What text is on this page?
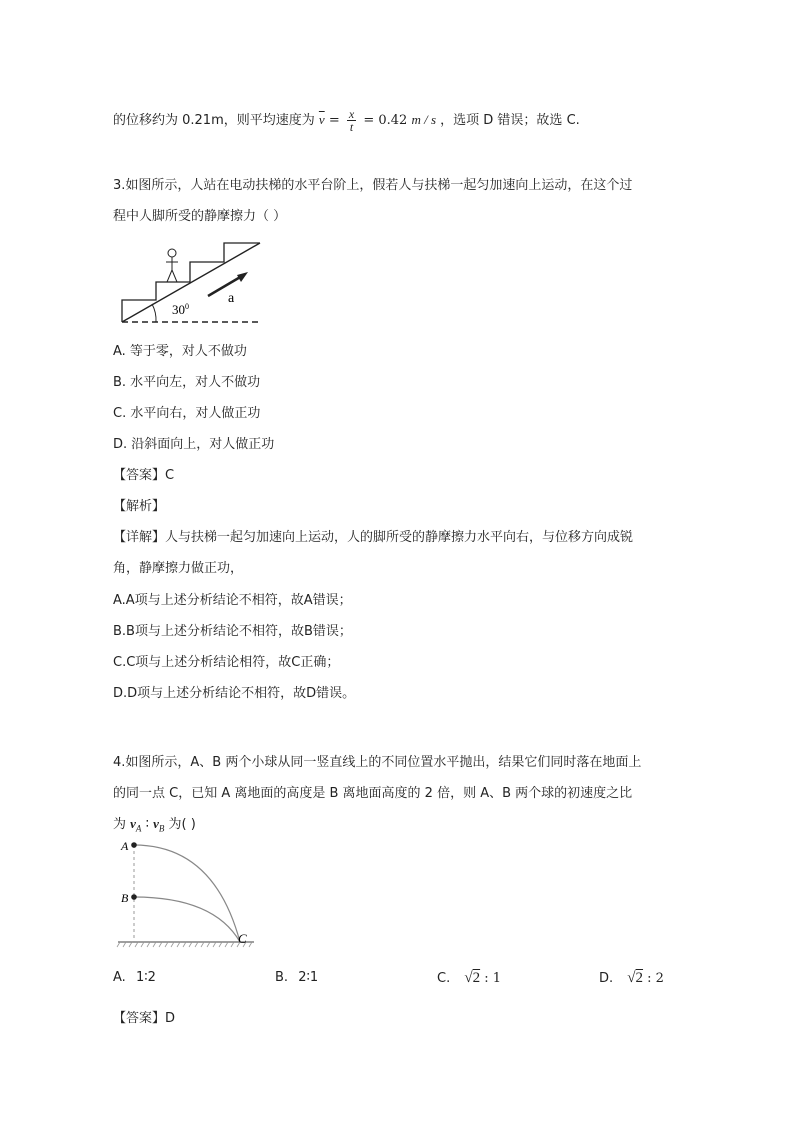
的位移约为 0.21m，则平均速度为 $\overline{v} = \frac{x}{t} = 0.42$ m / s ，选项 D 错误；故选 C.
3.如图所示，人站在电动扶梯的水平台阶上，假若人与扶梯一起匀加速向上运动，在这个过
程中人脚所受的静摩擦力（ ）
a
$30^0$
A. 等于零，对人不做功
B. 水平向左，对人不做功
C. 水平向右，对人做正功
D. 沿斜面向上，对人做正功
【答案】C
【解析】
【详解】人与扶梯一起匀加速向上运动，人的脚所受的静摩擦力水平向右，与位移方向成锐
角，静摩擦力做正功，
A.A项与上述分析结论不相符，故A错误；
B.B项与上述分析结论不相符，故B错误；
C.C项与上述分析结论相符，故C正确；
D.D项与上述分析结论不相符，故D错误。
4.如图所示，A、B 两个小球从同一竖直线上的不同位置水平抛出，结果它们同时落在地面上
的同一点 C，已知 A 离地面的高度是 B 离地面高度的 2 倍，则 A、B 两个球的初速度之比
为 $v_A$ ∶ $v_B$ 为( )
A
B
C
A. 1∶2	B. 2∶1	C. √2 : 1	D. √2 : 2
【答案】D
